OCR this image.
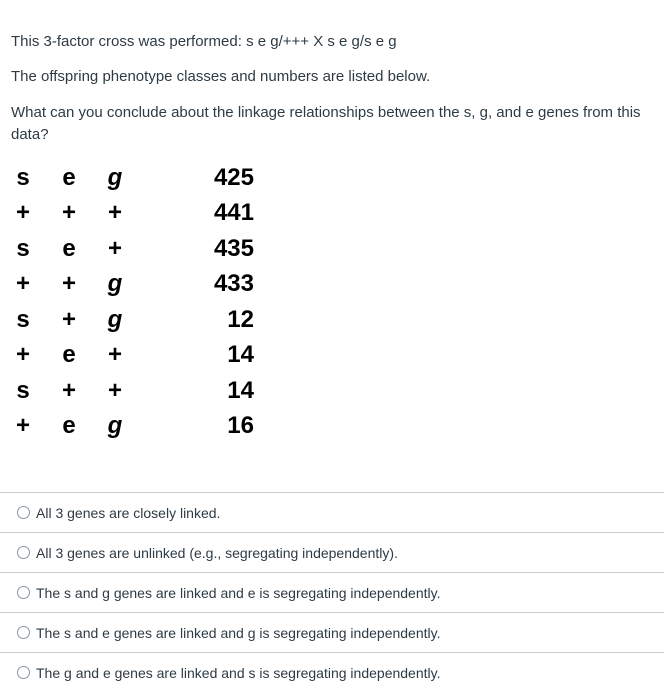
This 3-factor cross was performed: s e g/+++ X s e g/s e g

The offspring phenotype classes and numbers are listed below.

What can you conclude about the linkage relationships between the s, g, and e genes from this data?

s e g	425
+ + +	441
s e +	435
+ + g	433
s + g	12
+ e +	14
s + +	14
+ e g	16
All 3 genes are closely linked.
All 3 genes are unlinked (e.g., segregating independently).
The s and g genes are linked and e is segregating independently.
The s and e genes are linked and g is segregating independently.
The g and e genes are linked and s is segregating independently.
